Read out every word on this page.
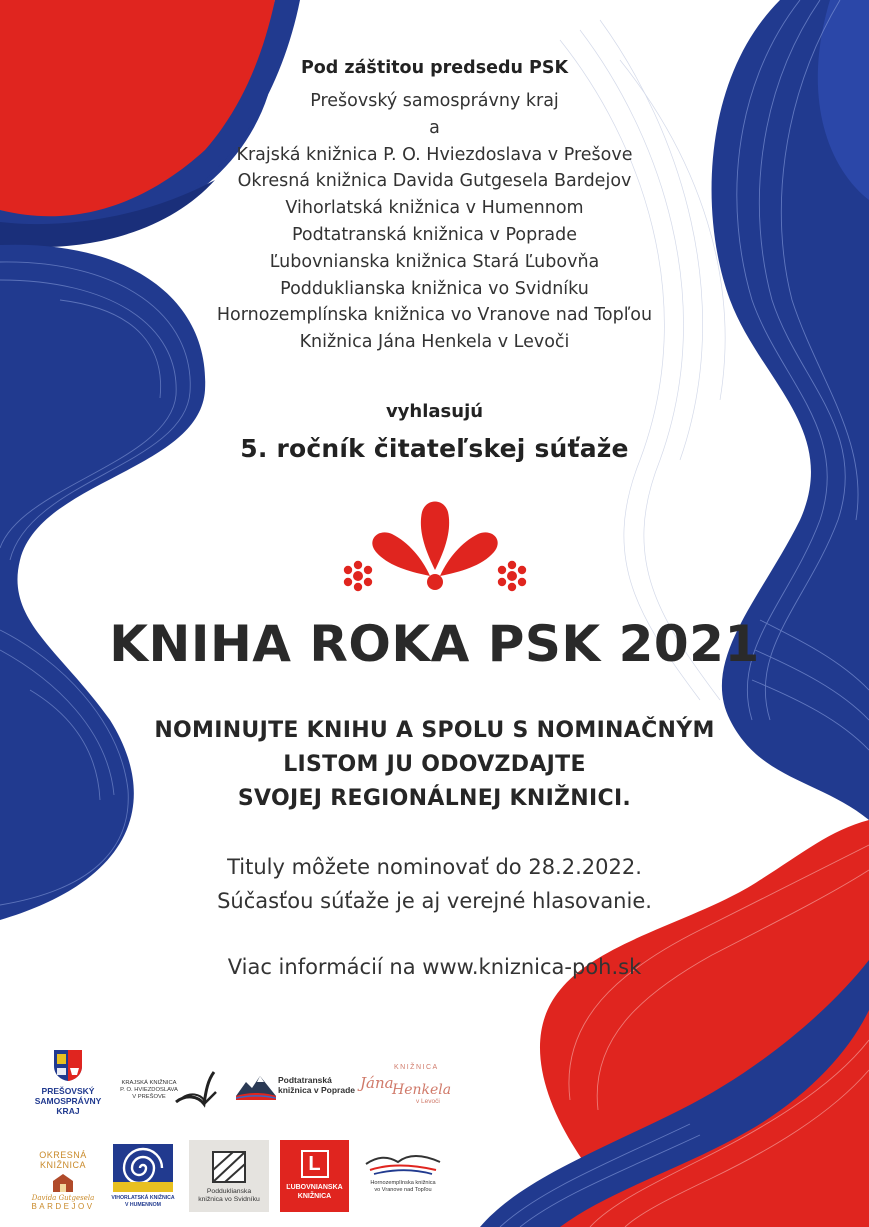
Pod záštitou predsedu PSK
Prešovský samosprávny kraj
a
Krajská knižnica P. O. Hviezdoslava v Prešove
Okresná knižnica Davida Gutgesela Bardejov
Vihorlatská knižnica v Humennom
Podtatranská knižnica v Poprade
Ľubovnianska knižnica Stará Ľubovňa
Podduklianska knižnica vo Svidníku
Hornozemplínska knižnica vo Vranove nad Topľou
Knižnica Jána Henkela v Levoči
vyhlasujú
5. ročník čitateľskej súťaže
KNIHA ROKA PSK 2021
NOMINUJTE KNIHU A SPOLU S NOMINAČNÝM
LISTOM JU ODOVZDAJTE
SVOJEJ REGIONÁLNEJ KNIŽNICI.
Tituly môžete nominovať do 28.2.2022.
Súčasťou súťaže je aj verejné hlasovanie.
Viac informácií na www.kniznica-poh.sk
PREŠOVSKÝ
SAMOSPRÁVNY
KRAJ
KRAJSKÁ KNIŽNICA
P. O. HVIEZDOSLAVA
V PREŠOVE
Podtatranská
knižnica v Poprade
KNIŽNICA
Jána
Henkela
v Levoči
OKRESNÁ KNIŽNICA
Davida Gutgesela
BARDEJOV
VIHORLATSKÁ KNIŽNICA
V HUMENNOM
Podduklianska
knižnica vo Svidníku
L
ĽUBOVNIANSKA
KNIŽNICA
Hornozemplínska knižnica
vo Vranove nad Topľou
